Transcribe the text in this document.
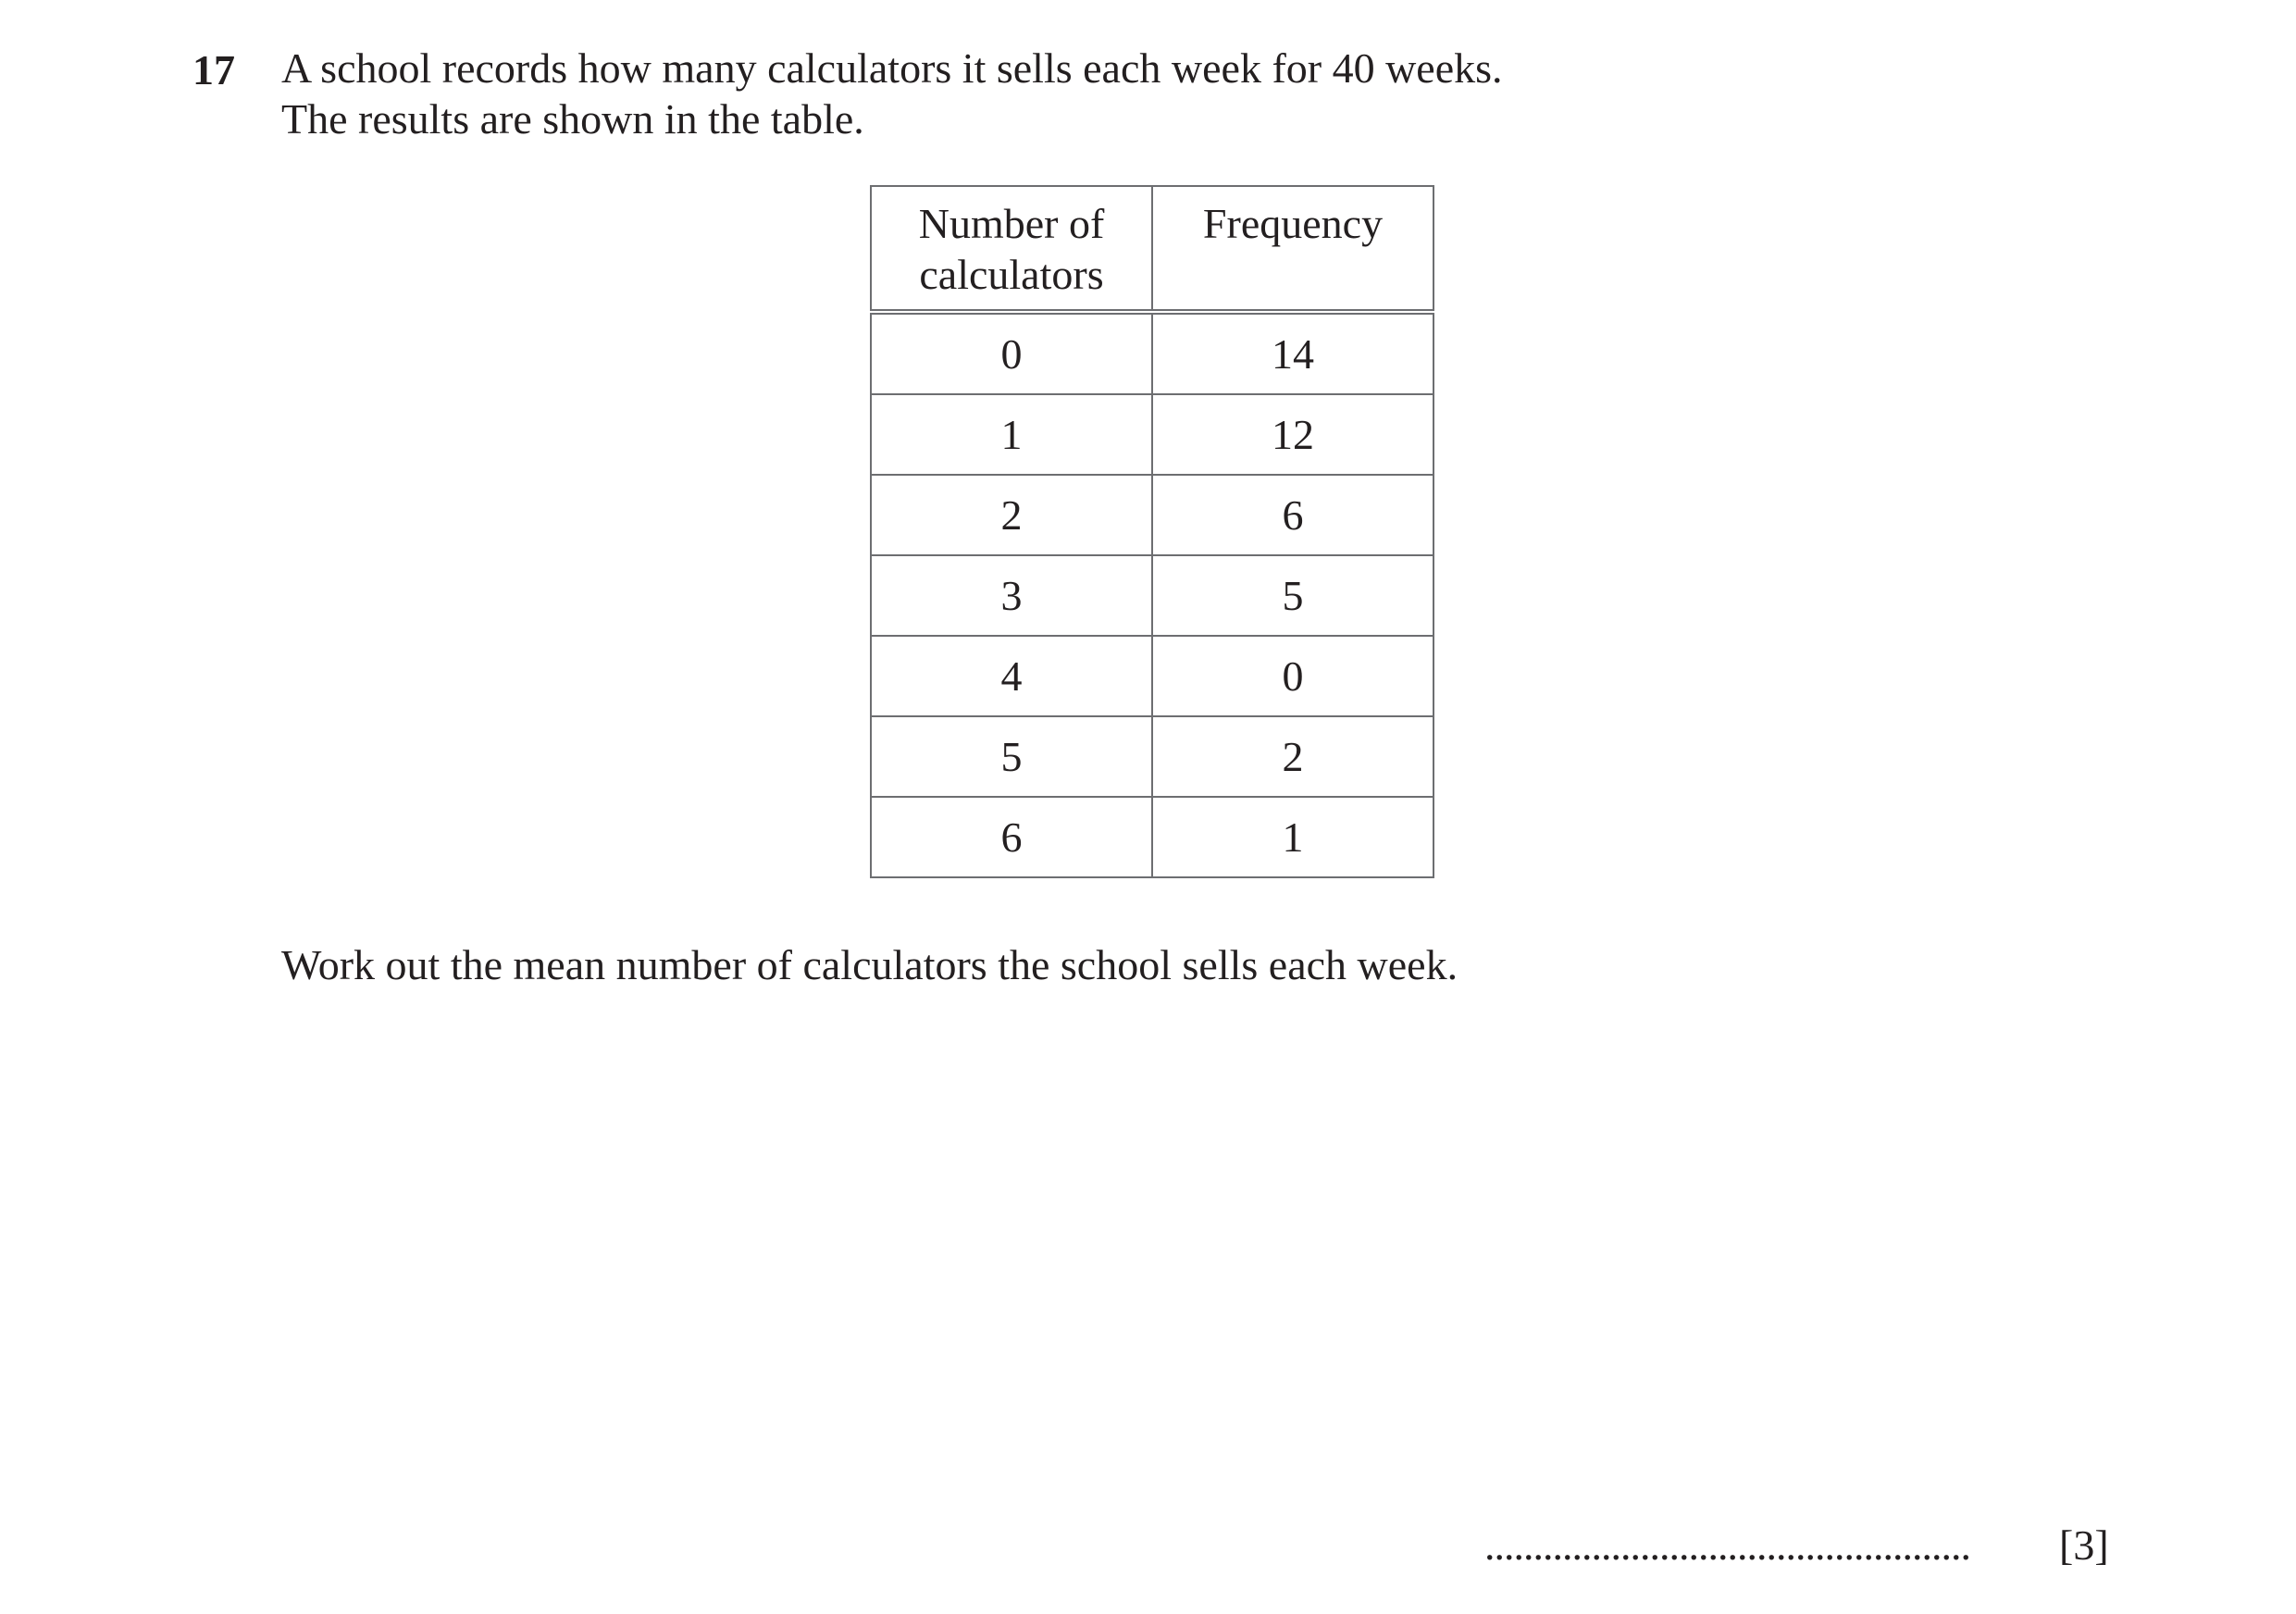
17 A school records how many calculators it sells each week for 40 weeks.
The results are shown in the table.
Number of
calculators	Frequency
0	14
1	12
2	6
3	5
4	0
5	2
6	1
Work out the mean number of calculators the school sells each week.
.................................................. [3]
